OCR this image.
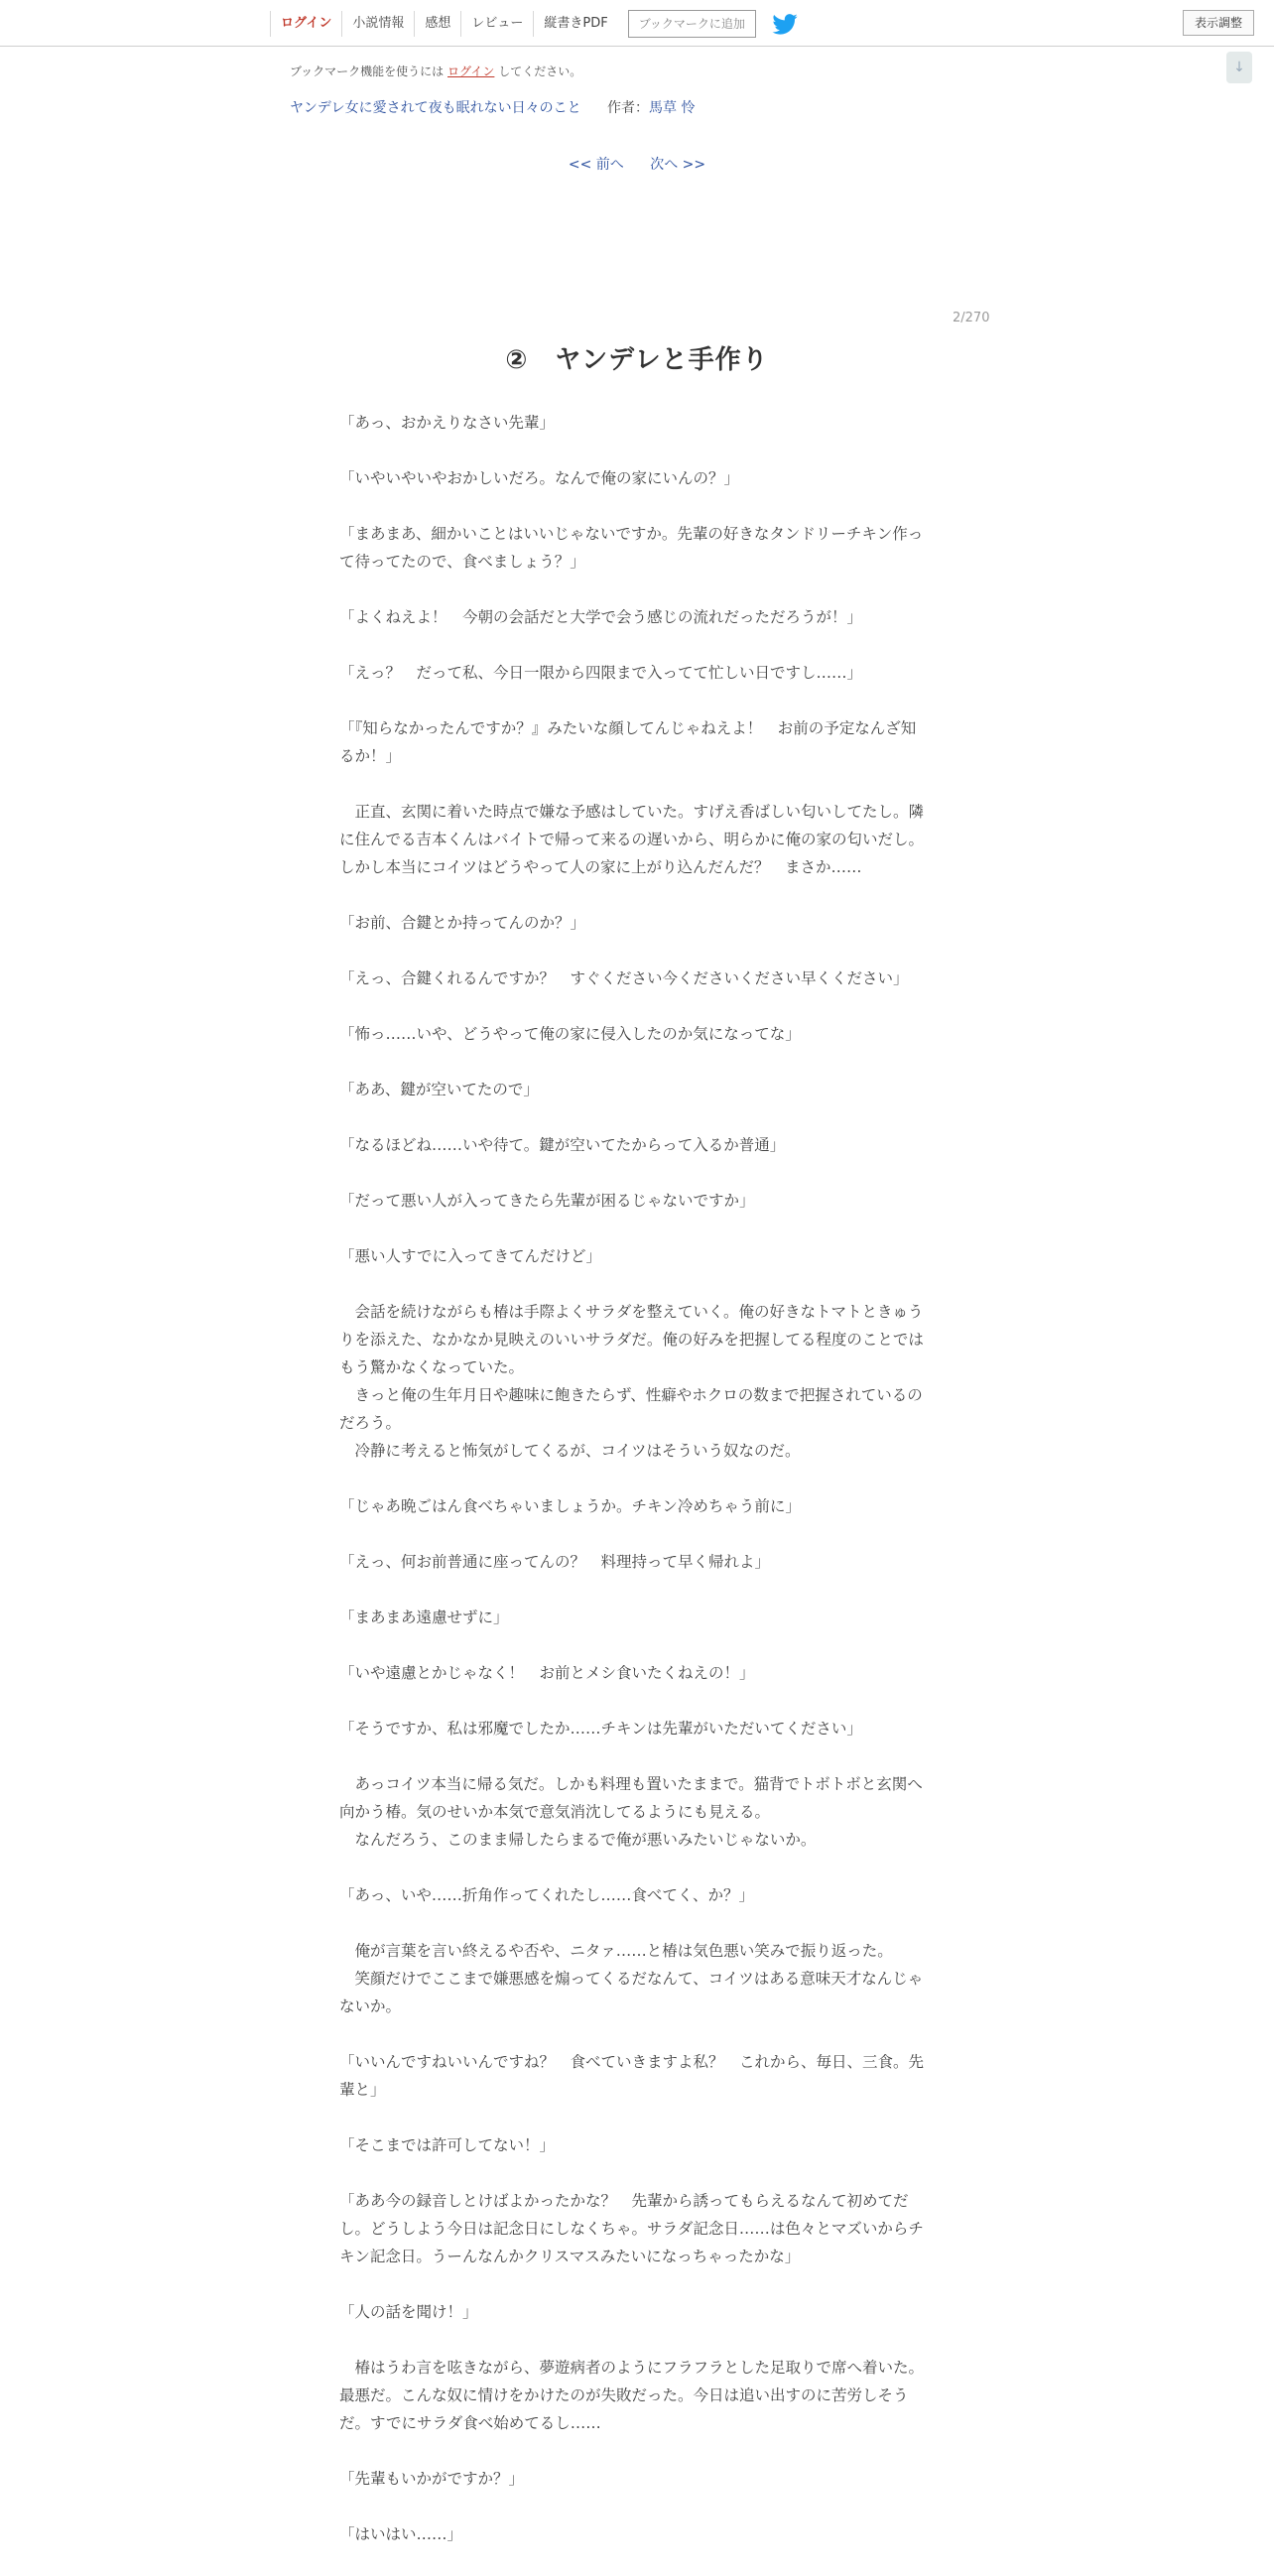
ログイン	小説情報	感想	レビュー	縦書きPDF	ブックマークに追加	表示調整
↓
ブックマーク機能を使うには ログイン してください。
ヤンデレ女に愛されて夜も眠れない日々のこと 作者：馬草 怜
<< 前へ 次へ >>
2/270
②　ヤンデレと手作り

「あっ、おかえりなさい先輩」

「いやいやいやおかしいだろ。なんで俺の家にいんの？」

「まあまあ、細かいことはいいじゃないですか。先輩の好きなタンドリーチキン作って待ってたので、食べましょう？」

「よくねえよ！　今朝の会話だと大学で会う感じの流れだっただろうが！」

「えっ？　だって私、今日一限から四限まで入ってて忙しい日ですし……」

「『知らなかったんですか？』みたいな顔してんじゃねえよ！　お前の予定なんざ知るか！」

　正直、玄関に着いた時点で嫌な予感はしていた。すげえ香ばしい匂いしてたし。隣に住んでる吉本くんはバイトで帰って来るの遅いから、明らかに俺の家の匂いだし。しかし本当にコイツはどうやって人の家に上がり込んだんだ？　まさか……

「お前、合鍵とか持ってんのか？」

「えっ、合鍵くれるんですか？　すぐください今くださいください早くください」

「怖っ……いや、どうやって俺の家に侵入したのか気になってな」

「ああ、鍵が空いてたので」

「なるほどね……いや待て。鍵が空いてたからって入るか普通」

「だって悪い人が入ってきたら先輩が困るじゃないですか」

「悪い人すでに入ってきてんだけど」

　会話を続けながらも椿は手際よくサラダを整えていく。俺の好きなトマトときゅうりを添えた、なかなか見映えのいいサラダだ。俺の好みを把握してる程度のことではもう驚かなくなっていた。
　きっと俺の生年月日や趣味に飽きたらず、性癖やホクロの数まで把握されているのだろう。
　冷静に考えると怖気がしてくるが、コイツはそういう奴なのだ。

「じゃあ晩ごはん食べちゃいましょうか。チキン冷めちゃう前に」

「えっ、何お前普通に座ってんの？　料理持って早く帰れよ」

「まあまあ遠慮せずに」

「いや遠慮とかじゃなく！　お前とメシ食いたくねえの！」

「そうですか、私は邪魔でしたか……チキンは先輩がいただいてください」

　あっコイツ本当に帰る気だ。しかも料理も置いたままで。猫背でトボトボと玄関へ向かう椿。気のせいか本気で意気消沈してるようにも見える。
　なんだろう、このまま帰したらまるで俺が悪いみたいじゃないか。

「あっ、いや……折角作ってくれたし……食べてく、か？」

　俺が言葉を言い終えるや否や、ニタァ……と椿は気色悪い笑みで振り返った。
　笑顔だけでここまで嫌悪感を煽ってくるだなんて、コイツはある意味天才なんじゃないか。

「いいんですねいいんですね？　食べていきますよ私？　これから、毎日、三食。先輩と」

「そこまでは許可してない！」

「ああ今の録音しとけばよかったかな？　先輩から誘ってもらえるなんて初めてだし。どうしよう今日は記念日にしなくちゃ。サラダ記念日……は色々とマズいからチキン記念日。うーんなんかクリスマスみたいになっちゃったかな」

「人の話を聞け！」

　椿はうわ言を呟きながら、夢遊病者のようにフラフラとした足取りで席へ着いた。最悪だ。こんな奴に情けをかけたのが失敗だった。今日は追い出すのに苦労しそうだ。すでにサラダ食べ始めてるし……

「先輩もいかがですか？」

「はいはい……」
